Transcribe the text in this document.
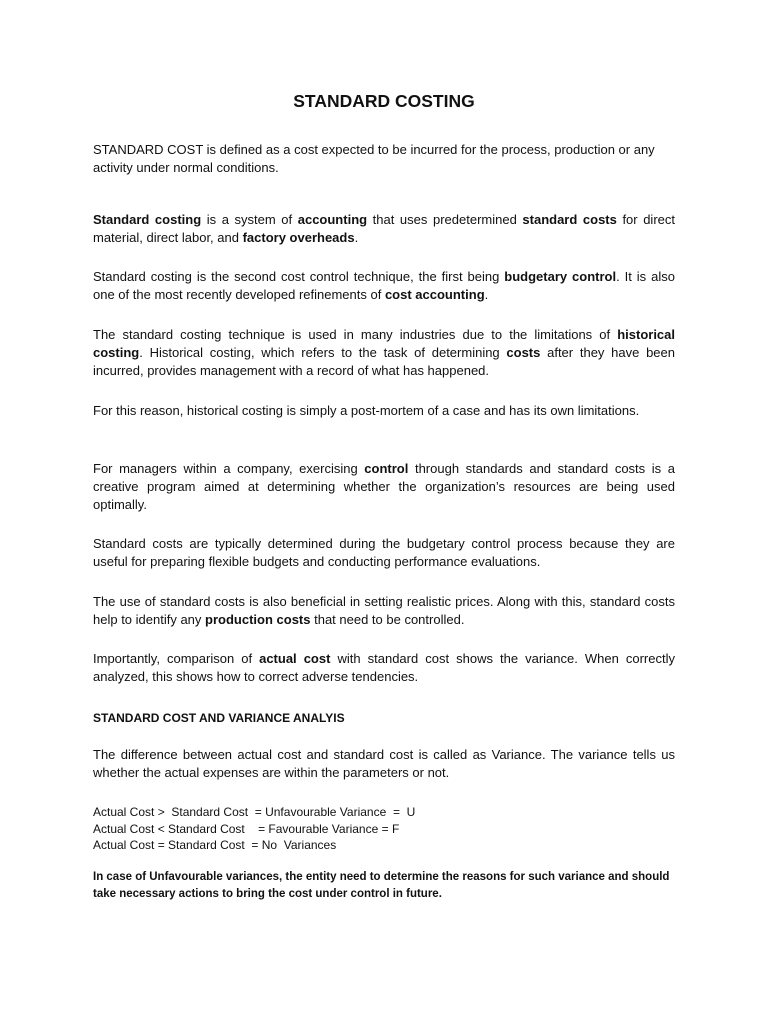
STANDARD COSTING

STANDARD COST is defined as a cost expected to be incurred for the process, production or any activity under normal conditions.

Standard costing is a system of accounting that uses predetermined standard costs for direct material, direct labor, and factory overheads.

Standard costing is the second cost control technique, the first being budgetary control. It is also one of the most recently developed refinements of cost accounting.

The standard costing technique is used in many industries due to the limitations of historical costing. Historical costing, which refers to the task of determining costs after they have been incurred, provides management with a record of what has happened.

For this reason, historical costing is simply a post-mortem of a case and has its own limitations.

For managers within a company, exercising control through standards and standard costs is a creative program aimed at determining whether the organization’s resources are being used optimally.

Standard costs are typically determined during the budgetary control process because they are useful for preparing flexible budgets and conducting performance evaluations.

The use of standard costs is also beneficial in setting realistic prices. Along with this, standard costs help to identify any production costs that need to be controlled.

Importantly, comparison of actual cost with standard cost shows the variance. When correctly analyzed, this shows how to correct adverse tendencies.

STANDARD COST AND VARIANCE ANALYIS

The difference between actual cost and standard cost is called as Variance. The variance tells us whether the actual expenses are within the parameters or not.

Actual Cost >  Standard Cost  = Unfavourable Variance  =  U

Actual Cost < Standard Cost    = Favourable Variance = F

Actual Cost = Standard Cost  = No  Variances

In case of Unfavourable variances, the entity need to determine the reasons for such variance and should take necessary actions to bring the cost under control in future.
